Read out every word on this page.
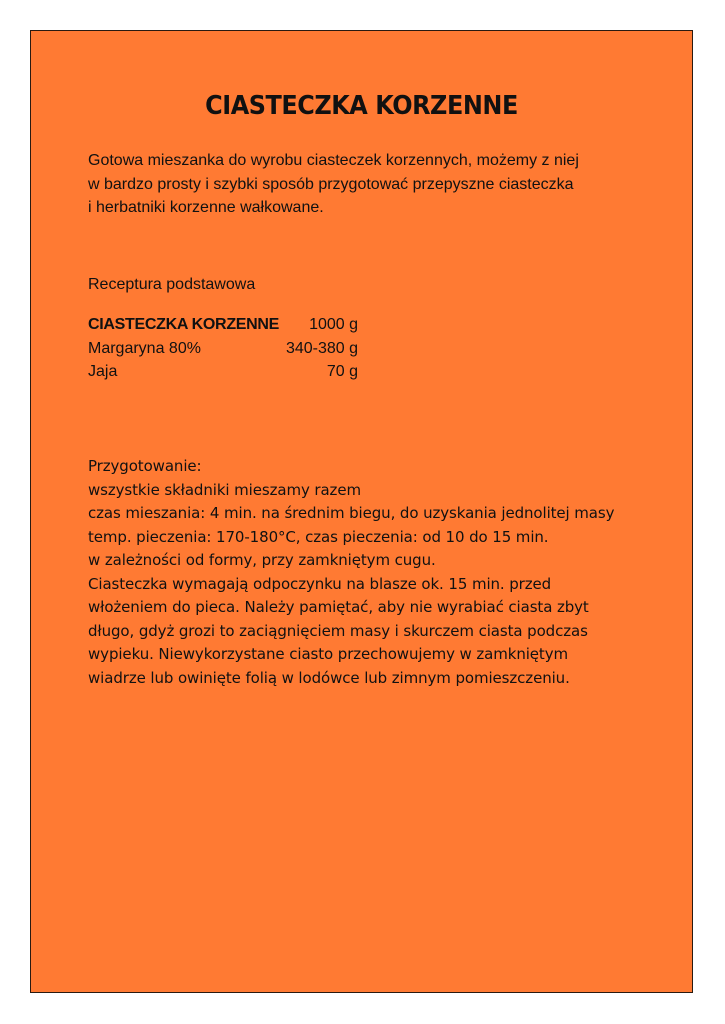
CIASTECZKA KORZENNE

Gotowa mieszanka do wyrobu ciasteczek korzennych, możemy z niej

w bardzo prosty i szybki sposób przygotować przepyszne ciasteczka

i herbatniki korzenne wałkowane.

Receptura podstawowa
CIASTECZKA KORZENNE 1000 g
Margaryna 80%	340-380 g
Jaja	70 g

Przygotowanie:

wszystkie składniki mieszamy razem

czas mieszania: 4 min. na średnim biegu, do uzyskania jednolitej masy

temp. pieczenia: 170-180°C, czas pieczenia: od 10 do 15 min.

w zależności od formy, przy zamkniętym cugu.

Ciasteczka wymagają odpoczynku na blasze ok. 15 min. przed

włożeniem do pieca. Należy pamiętać, aby nie wyrabiać ciasta zbyt

długo, gdyż grozi to zaciągnięciem masy i skurczem ciasta podczas

wypieku. Niewykorzystane ciasto przechowujemy w zamkniętym

wiadrze lub owinięte folią w lodówce lub zimnym pomieszczeniu.
